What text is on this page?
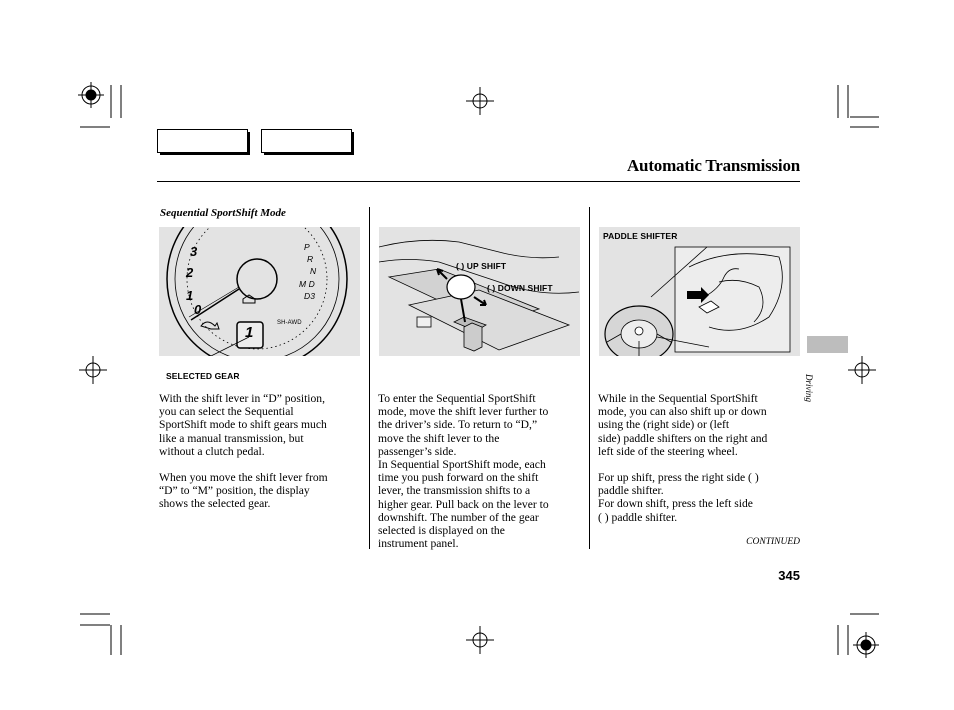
Automatic Transmission
Sequential SportShift Mode
3
2
1
0
P
R
N
M D
D3
SH-AWD
1
SELECTED GEAR
( ) UP SHIFT
( ) DOWN SHIFT
PADDLE SHIFTER
With the shift lever in “D” position,
you can select the Sequential
SportShift mode to shift gears much
like a manual transmission, but
without a clutch pedal.
When you move the shift lever from
“D” to “M” position, the display
shows the selected gear.
To enter the Sequential SportShift
mode, move the shift lever further to
the driver’s side. To return to “D,”
move the shift lever to the
passenger’s side.
In Sequential SportShift mode, each
time you push forward on the shift
lever, the transmission shifts to a
higher gear. Pull back on the lever to
downshift. The number of the gear
selected is displayed on the
instrument panel.
While in the Sequential SportShift
mode, you can also shift up or down
using the (right side) or (left
side) paddle shifters on the right and
left side of the steering wheel.
For up shift, press the right side ( )
paddle shifter.
For down shift, press the left side
( ) paddle shifter.
Driving
CONTINUED
345
